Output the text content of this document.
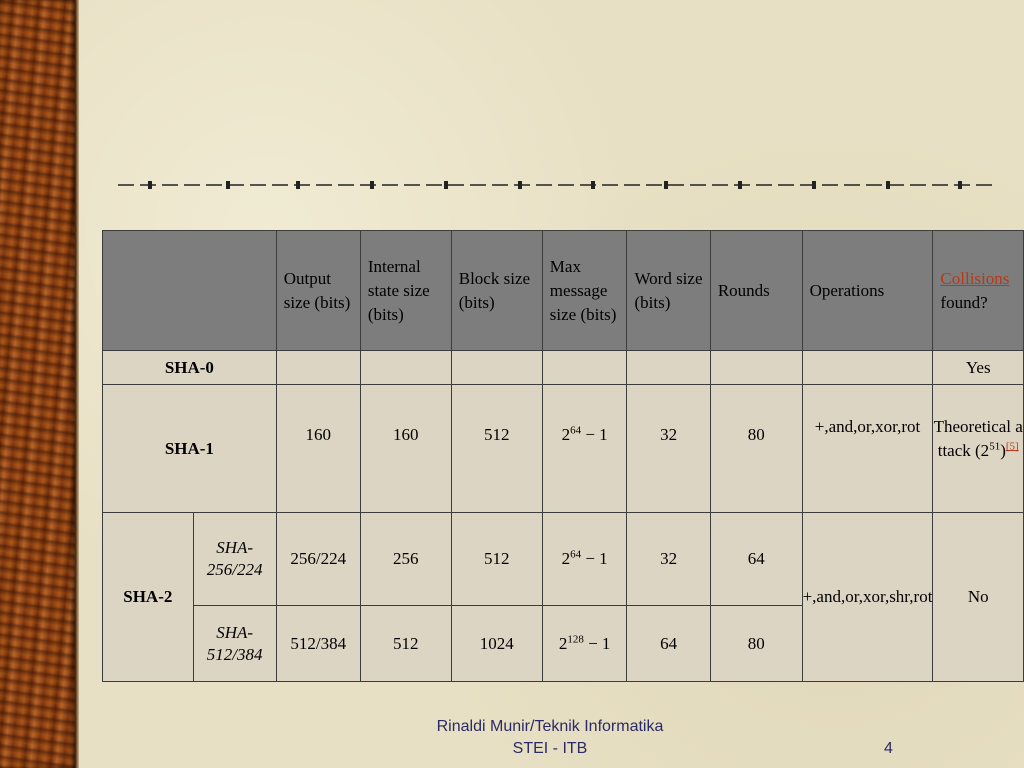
		Output size (bits)	Internal state size (bits)	Block size (bits)	Max message size (bits)	Word size (bits)	Rounds	Operations	Collisions
found?
SHA-0									Yes
SHA-1		160	160	512	$2^{64} - 1$	32	80	+,and,or,xor,rot	Theoretical attack $(2^{51})[5]$
SHA-2	SHA-256/224	256/224	256	512	$2^{64} - 1$	32	64	+,and,or,xor,shr,rot	No
	SHA-512/384	512/384	512	1024	$2^{128} - 1$	64	80		
Rinaldi Munir/Teknik Informatika
STEI - ITB	4
